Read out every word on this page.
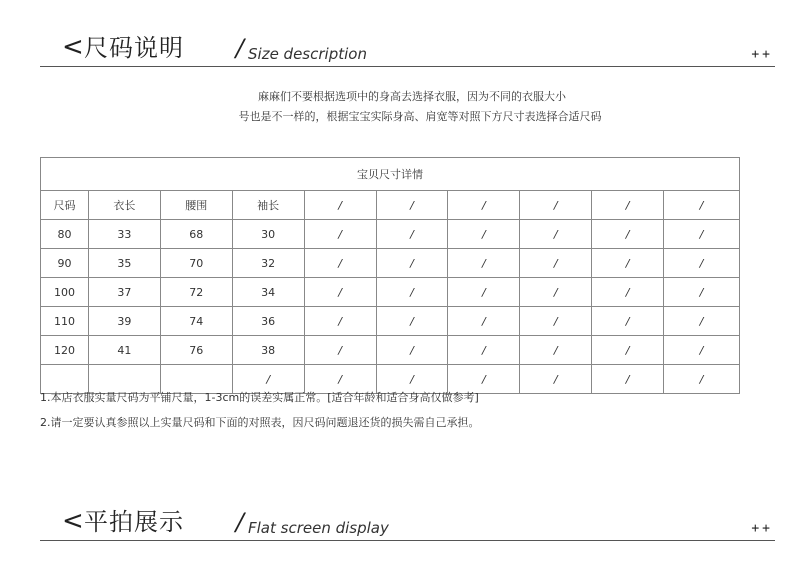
< 尺码说明 / Size description	++
麻麻们不要根据选项中的身高去选择衣服，因为不同的衣服大小
号也是不一样的，根据宝宝实际身高、肩宽等对照下方尺寸表选择合适尺码
宝贝尺寸详情									
尺码	衣长	腰围	袖长	/	/	/	/	/	/
80	33	68	30	/	/	/	/	/	/
90	35	70	32	/	/	/	/	/	/
100	37	72	34	/	/	/	/	/	/
110	39	74	36	/	/	/	/	/	/
120	41	76	38	/	/	/	/	/	/
			/	/	/	/	/	/	/
1.本店衣服实量尺码为平铺尺量，1-3cm的误差实属正常。[适合年龄和适合身高仅做参考]
2.请一定要认真参照以上实量尺码和下面的对照表，因尺码问题退还货的损失需自己承担。
< 平拍展示 / Flat screen display	++
